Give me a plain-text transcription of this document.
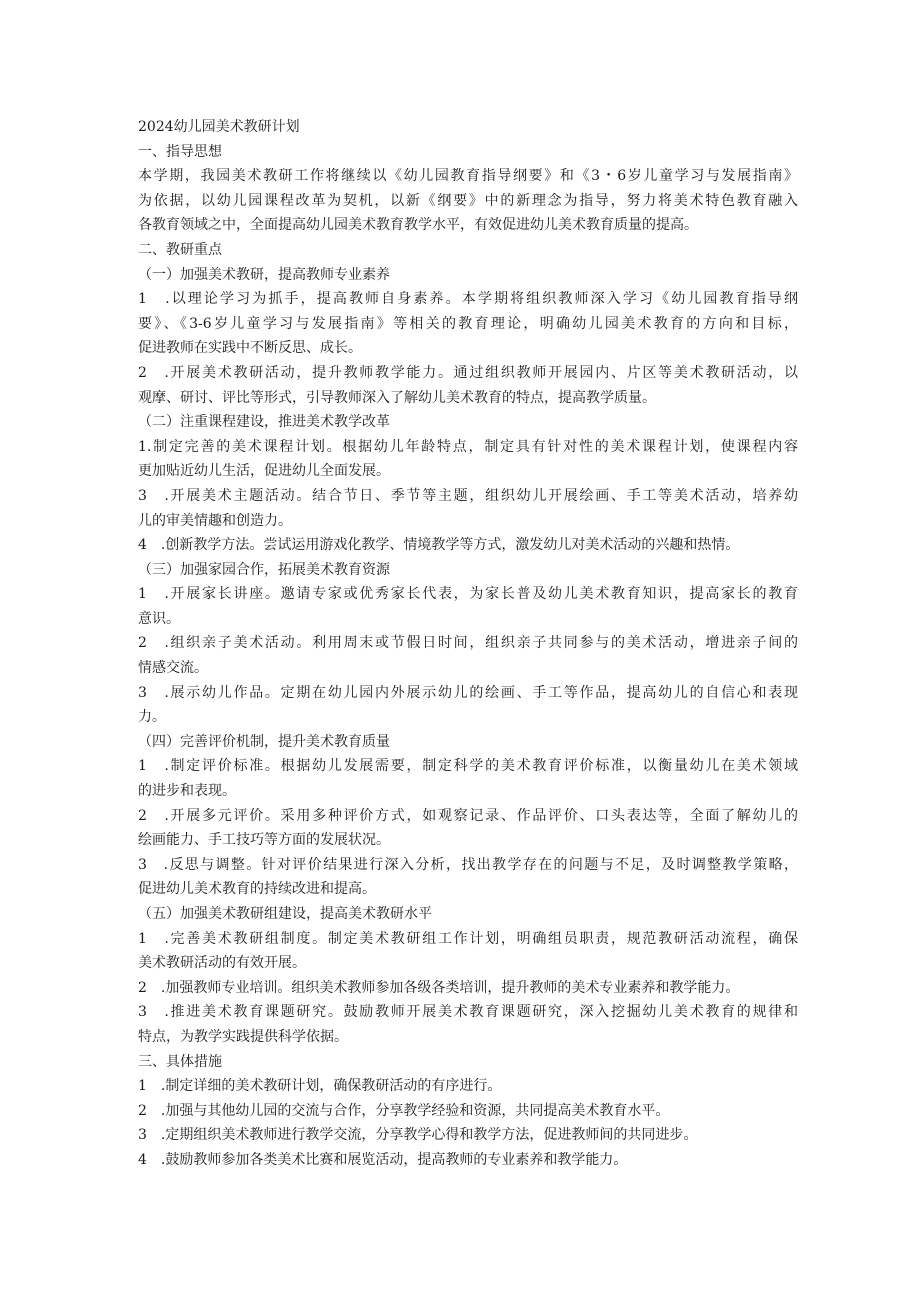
2024幼儿园美术教研计划
一、指导思想
本学期，我园美术教研工作将继续以《幼儿园教育指导纲要》和《3・6岁儿童学习与发展指南》
为依据，以幼儿园课程改革为契机，以新《纲要》中的新理念为指导，努力将美术特色教育融入
各教育领域之中，全面提高幼儿园美术教育教学水平，有效促进幼儿美术教育质量的提高。
二、教研重点
（一）加强美术教研，提高教师专业素养
1　.以理论学习为抓手，提高教师自身素养。本学期将组织教师深入学习《幼儿园教育指导纲
要》、《3-6岁儿童学习与发展指南》等相关的教育理论，明确幼儿园美术教育的方向和目标，
促进教师在实践中不断反思、成长。
2　.开展美术教研活动，提升教师教学能力。通过组织教师开展园内、片区等美术教研活动，以
观摩、研讨、评比等形式，引导教师深入了解幼儿美术教育的特点，提高教学质量。
（二）注重课程建设，推进美术教学改革
1.制定完善的美术课程计划。根据幼儿年龄特点，制定具有针对性的美术课程计划，使课程内容
更加贴近幼儿生活，促进幼儿全面发展。
3　.开展美术主题活动。结合节日、季节等主题，组织幼儿开展绘画、手工等美术活动，培养幼
儿的审美情趣和创造力。
4　.创新教学方法。尝试运用游戏化教学、情境教学等方式，激发幼儿对美术活动的兴趣和热情。
（三）加强家园合作，拓展美术教育资源
1　.开展家长讲座。邀请专家或优秀家长代表，为家长普及幼儿美术教育知识，提高家长的教育
意识。
2　.组织亲子美术活动。利用周末或节假日时间，组织亲子共同参与的美术活动，增进亲子间的
情感交流。
3　.展示幼儿作品。定期在幼儿园内外展示幼儿的绘画、手工等作品，提高幼儿的自信心和表现
力。
（四）完善评价机制，提升美术教育质量
1　.制定评价标准。根据幼儿发展需要，制定科学的美术教育评价标准，以衡量幼儿在美术领域
的进步和表现。
2　.开展多元评价。采用多种评价方式，如观察记录、作品评价、口头表达等，全面了解幼儿的
绘画能力、手工技巧等方面的发展状况。
3　.反思与调整。针对评价结果进行深入分析，找出教学存在的问题与不足，及时调整教学策略，
促进幼儿美术教育的持续改进和提高。
（五）加强美术教研组建设，提高美术教研水平
1　.完善美术教研组制度。制定美术教研组工作计划，明确组员职责，规范教研活动流程，确保
美术教研活动的有效开展。
2　.加强教师专业培训。组织美术教师参加各级各类培训，提升教师的美术专业素养和教学能力。
3　.推进美术教育课题研究。鼓励教师开展美术教育课题研究，深入挖掘幼儿美术教育的规律和
特点，为教学实践提供科学依据。
三、具体措施
1　.制定详细的美术教研计划，确保教研活动的有序进行。
2　.加强与其他幼儿园的交流与合作，分享教学经验和资源，共同提高美术教育水平。
3　.定期组织美术教师进行教学交流，分享教学心得和教学方法，促进教师间的共同进步。
4　.鼓励教师参加各类美术比赛和展览活动，提高教师的专业素养和教学能力。
